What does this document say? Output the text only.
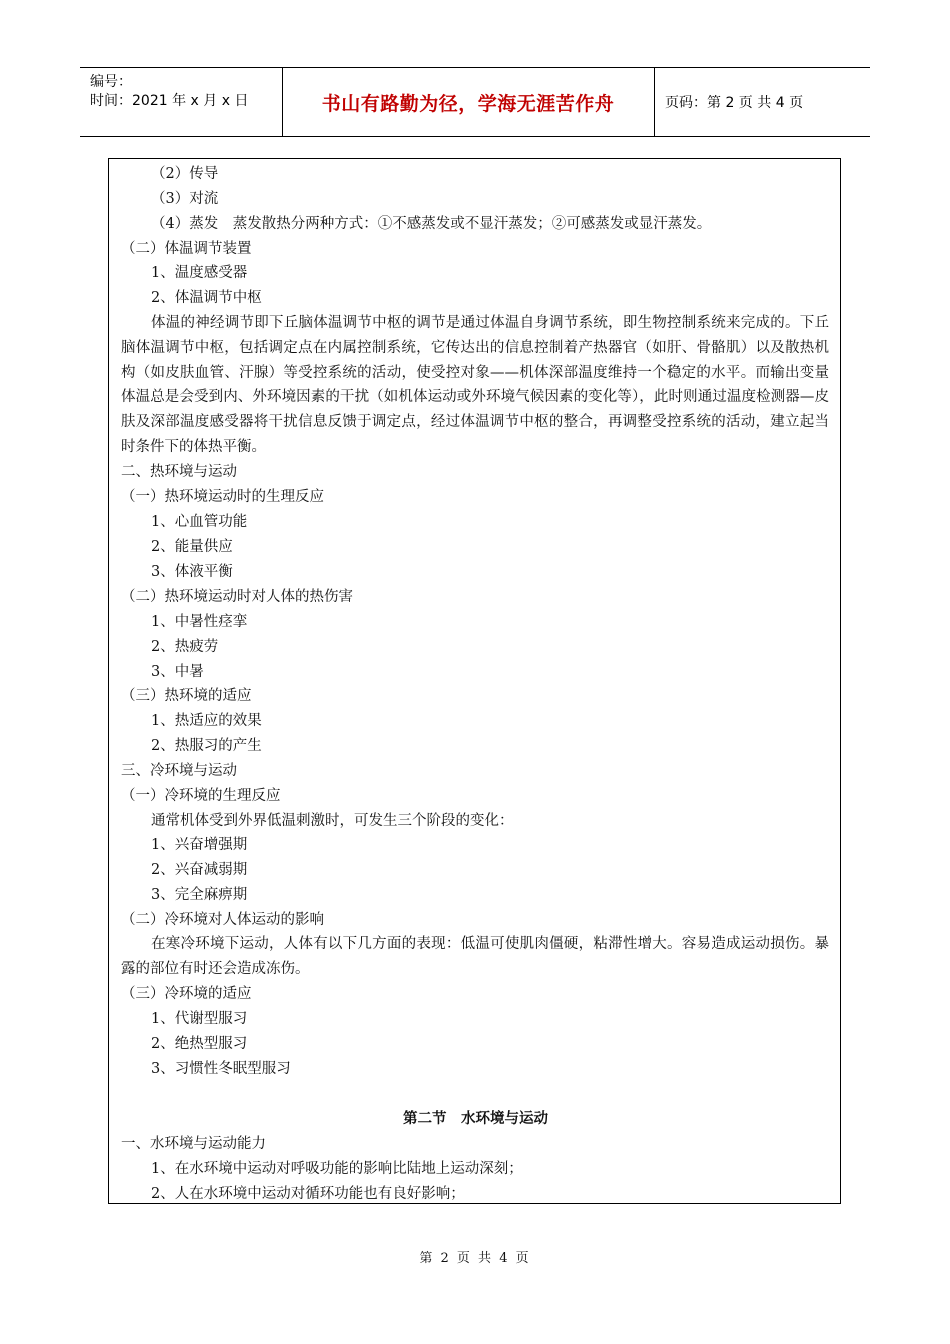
编号：
时间：2021 年 x 月 x 日	书山有路勤为径，学海无涯苦作舟	页码：第 2 页 共 4 页
（2）传导
（3）对流
（4）蒸发　蒸发散热分两种方式：①不感蒸发或不显汗蒸发；②可感蒸发或显汗蒸发。
（二）体温调节装置
1、温度感受器
2、体温调节中枢
体温的神经调节即下丘脑体温调节中枢的调节是通过体温自身调节系统，即生物控制系统来完成的。下丘脑体温调节中枢，包括调定点在内属控制系统，它传达出的信息控制着产热器官（如肝、骨骼肌）以及散热机构（如皮肤血管、汗腺）等受控系统的活动，使受控对象——机体深部温度维持一个稳定的水平。而输出变量体温总是会受到内、外环境因素的干扰（如机体运动或外环境气候因素的变化等），此时则通过温度检测器—皮肤及深部温度感受器将干扰信息反馈于调定点，经过体温调节中枢的整合，再调整受控系统的活动，建立起当时条件下的体热平衡。
二、热环境与运动
（一）热环境运动时的生理反应
1、心血管功能
2、能量供应
3、体液平衡
（二）热环境运动时对人体的热伤害
1、中暑性痉挛
2、热疲劳
3、中暑
（三）热环境的适应
1、热适应的效果
2、热服习的产生
三、冷环境与运动
（一）冷环境的生理反应
通常机体受到外界低温刺激时，可发生三个阶段的变化：
1、兴奋增强期
2、兴奋减弱期
3、完全麻痹期
（二）冷环境对人体运动的影响
在寒冷环境下运动，人体有以下几方面的表现：低温可使肌肉僵硬，粘滞性增大。容易造成运动损伤。暴露的部位有时还会造成冻伤。
（三）冷环境的适应
1、代谢型服习
2、绝热型服习
3、习惯性冬眠型服习
第二节　水环境与运动
一、水环境与运动能力
1、在水环境中运动对呼吸功能的影响比陆地上运动深刻；
2、人在水环境中运动对循环功能也有良好影响；
第 2 页 共 4 页
